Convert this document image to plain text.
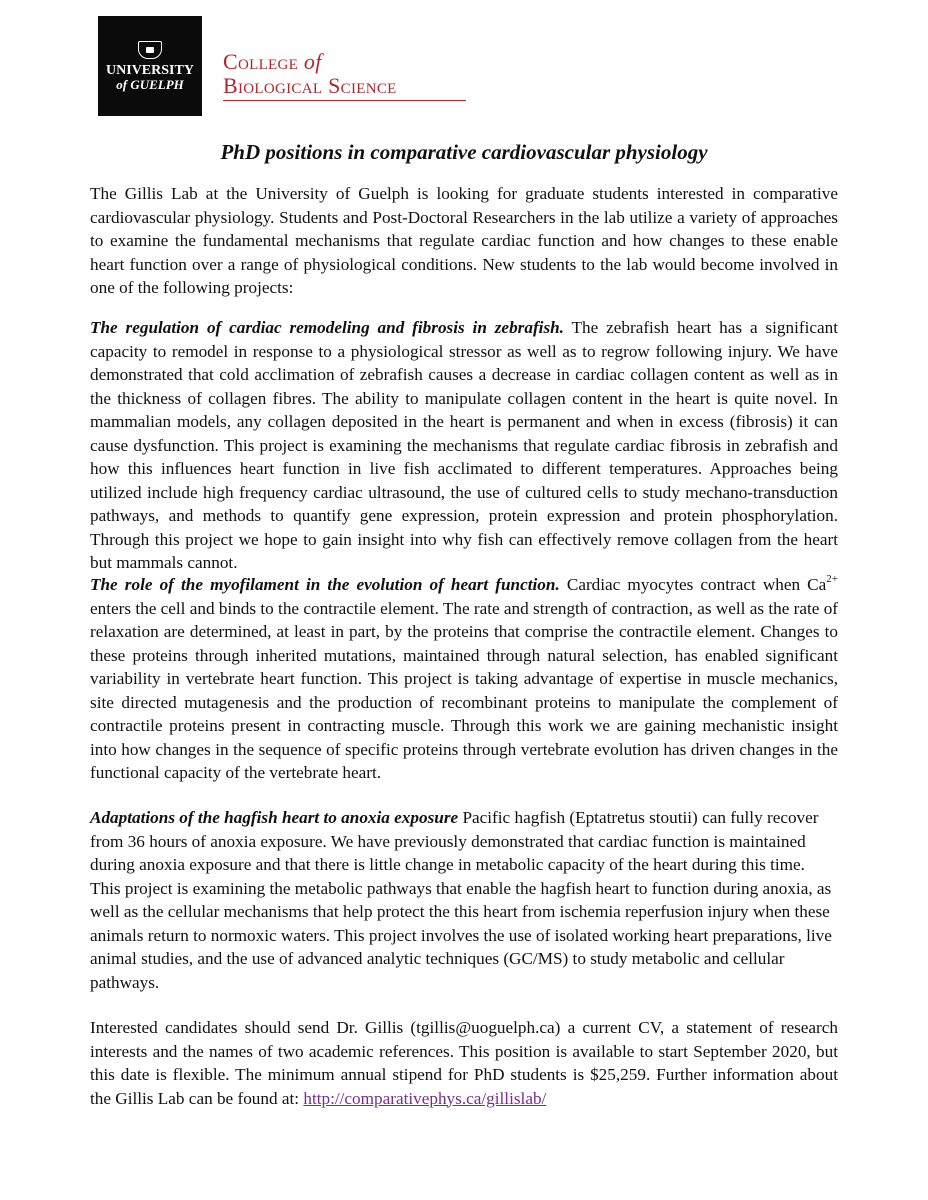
UNIVERSITY
of GUELPH
College of
Biological Science
PhD positions in comparative cardiovascular physiology

The Gillis Lab at the University of Guelph is looking for graduate students interested in comparative cardiovascular physiology. Students and Post-Doctoral Researchers in the lab utilize a variety of approaches to examine the fundamental mechanisms that regulate cardiac function and how changes to these enable heart function over a range of physiological conditions. New students to the lab would become involved in one of the following projects:

The regulation of cardiac remodeling and fibrosis in zebrafish. The zebrafish heart has a significant capacity to remodel in response to a physiological stressor as well as to regrow following injury. We have demonstrated that cold acclimation of zebrafish causes a decrease in cardiac collagen content as well as in the thickness of collagen fibres. The ability to manipulate collagen content in the heart is quite novel. In mammalian models, any collagen deposited in the heart is permanent and when in excess (fibrosis) it can cause dysfunction. This project is examining the mechanisms that regulate cardiac fibrosis in zebrafish and how this influences heart function in live fish acclimated to different temperatures. Approaches being utilized include high frequency cardiac ultrasound, the use of cultured cells to study mechano-transduction pathways, and methods to quantify gene expression, protein expression and protein phosphorylation. Through this project we hope to gain insight into why fish can effectively remove collagen from the heart but mammals cannot.

The role of the myofilament in the evolution of heart function. Cardiac myocytes contract when $Ca^{2+}$ enters the cell and binds to the contractile element. The rate and strength of contraction, as well as the rate of relaxation are determined, at least in part, by the proteins that comprise the contractile element. Changes to these proteins through inherited mutations, maintained through natural selection, has enabled significant variability in vertebrate heart function. This project is taking advantage of expertise in muscle mechanics, site directed mutagenesis and the production of recombinant proteins to manipulate the complement of contractile proteins present in contracting muscle. Through this work we are gaining mechanistic insight into how changes in the sequence of specific proteins through vertebrate evolution has driven changes in the functional capacity of the vertebrate heart.

Adaptations of the hagfish heart to anoxia exposure Pacific hagfish (Eptatretus stoutii) can fully recover from 36 hours of anoxia exposure. We have previously demonstrated that cardiac function is maintained during anoxia exposure and that there is little change in metabolic capacity of the heart during this time. This project is examining the metabolic pathways that enable the hagfish heart to function during anoxia, as well as the cellular mechanisms that help protect the this heart from ischemia reperfusion injury when these animals return to normoxic waters. This project involves the use of isolated working heart preparations, live animal studies, and the use of advanced analytic techniques (GC/MS) to study metabolic and cellular pathways.

Interested candidates should send Dr. Gillis (tgillis@uoguelph.ca) a current CV, a statement of research interests and the names of two academic references. This position is available to start September 2020, but this date is flexible. The minimum annual stipend for PhD students is $25,259. Further information about the Gillis Lab can be found at: http://comparativephys.ca/gillislab/
